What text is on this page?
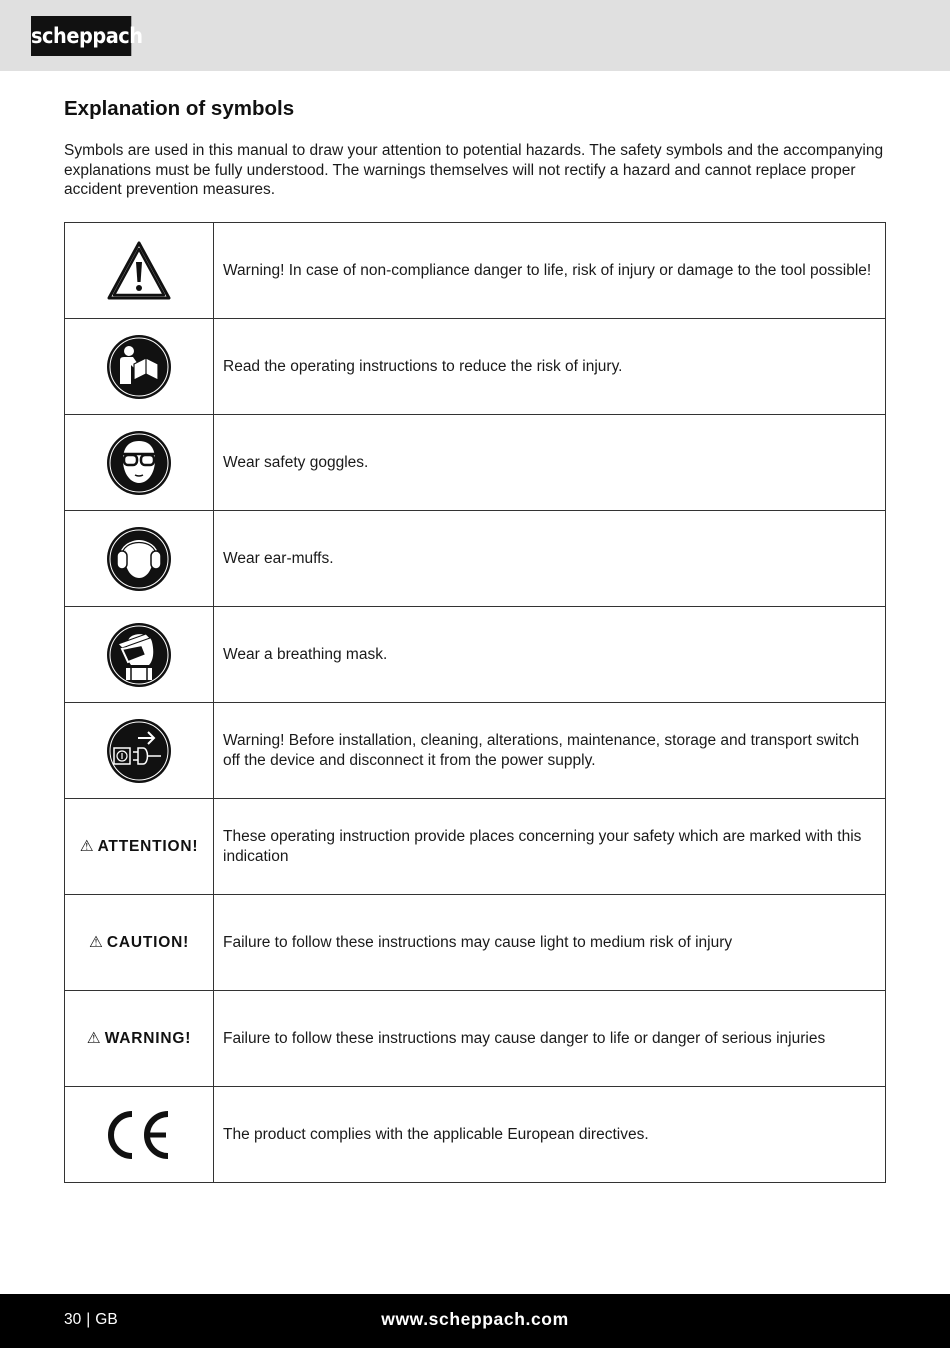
scheppach
Explanation of symbols

Symbols are used in this manual to draw your attention to potential hazards. The safety symbols and the accompanying explanations must be fully understood. The warnings themselves will not rectify a hazard and cannot replace proper accident prevention measures.

	Warning! In case of non-compliance danger to life, risk of injury or damage to the tool possible!
	Read the operating instructions to reduce the risk of injury.
	Wear safety goggles.
	Wear ear-muffs.
	Wear a breathing mask.
	Warning! Before installation, cleaning, alterations, maintenance, storage and transport switch off the device and disconnect it from the power supply.
⚠ ATTENTION!	These operating instruction provide places concerning your safety which are marked with this indication
⚠ CAUTION!	Failure to follow these instructions may cause light to medium risk of injury
⚠ WARNING!	Failure to follow these instructions may cause danger to life or danger of serious injuries
	The product complies with the applicable European directives.
30 | GB	www.scheppach.com
